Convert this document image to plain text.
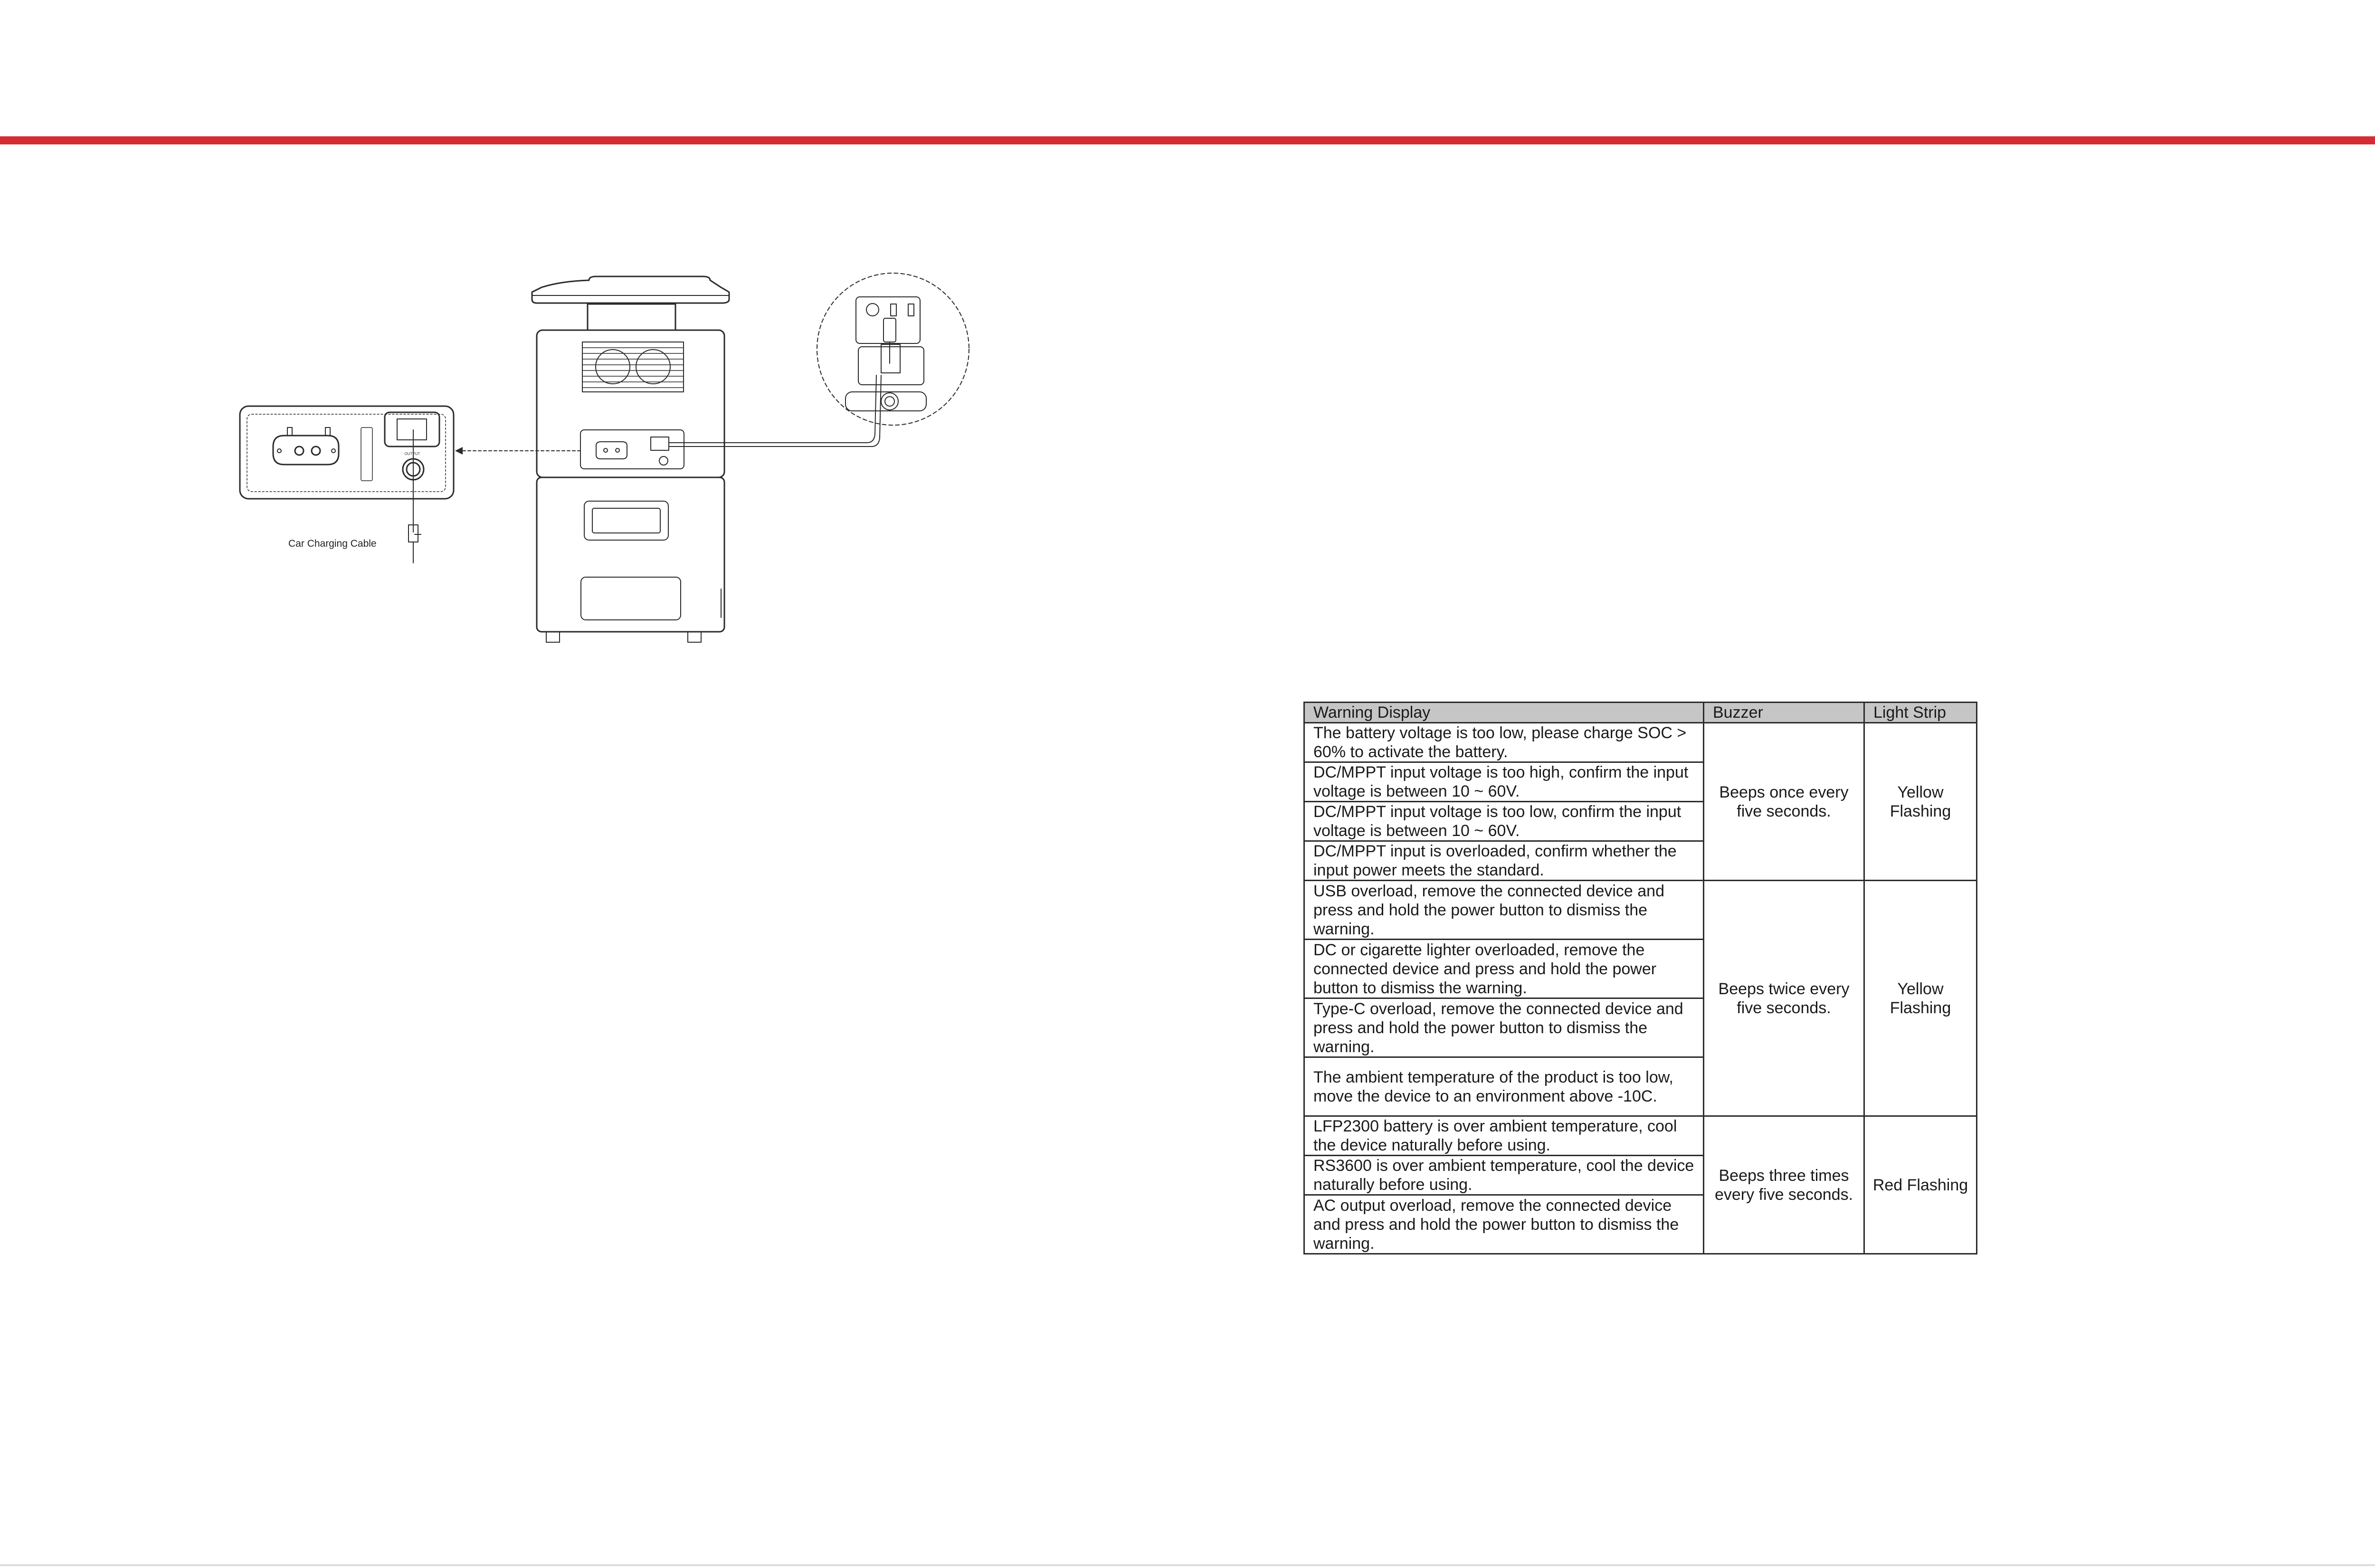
OUTPUT
Car Charging Cable
Warning Display	Buzzer	Light Strip
The battery voltage is too low, please charge SOC > 60% to activate the battery.	Beeps once every five seconds.	Yellow Flashing
DC/MPPT input voltage is too high, confirm the input voltage is between 10 ~ 60V.		
DC/MPPT input voltage is too low, confirm the input voltage is between 10 ~ 60V.		
DC/MPPT input is overloaded, confirm whether the input power meets the standard.		
USB overload, remove the connected device and press and hold the power button to dismiss the warning.	Beeps twice every five seconds.	Yellow Flashing
DC or cigarette lighter overloaded, remove the connected device and press and hold the power button to dismiss the warning.		
Type-C overload, remove the connected device and press and hold the power button to dismiss the warning.		
The ambient temperature of the product is too low, move the device to an environment above -10C.		
LFP2300 battery is over ambient temperature, cool the device naturally before using.	Beeps three times every five seconds.	Red Flashing
RS3600 is over ambient temperature, cool the device naturally before using.		
AC output overload, remove the connected device and press and hold the power button to dismiss the warning.		
